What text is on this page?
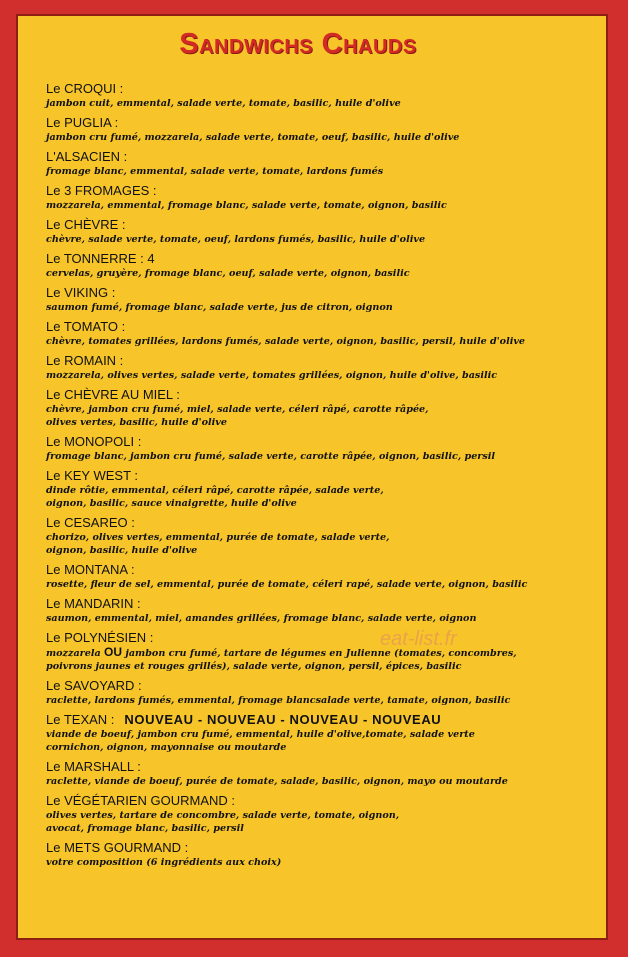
Sandwichs Chauds
Le CROQUI :
jambon cuit, emmental, salade verte, tomate, basilic, huile d'olive
Le PUGLIA :
jambon cru fumé, mozzarela, salade verte, tomate, oeuf, basilic, huile d'olive
L'ALSACIEN :
fromage blanc, emmental, salade verte, tomate, lardons fumés
Le 3 FROMAGES :
mozzarela, emmental, fromage blanc, salade verte, tomate, oignon, basilic
Le CHÈVRE :
chèvre, salade verte, tomate, oeuf, lardons fumés, basilic, huile d'olive
Le TONNERRE : 4
cervelas, gruyère, fromage blanc, oeuf, salade verte, oignon, basilic
Le VIKING :
saumon fumé, fromage blanc, salade verte, jus de citron, oignon
Le TOMATO :
chèvre, tomates grillées, lardons fumés, salade verte, oignon, basilic, persil, huile d'olive
Le ROMAIN :
mozzarela, olives vertes, salade verte, tomates grillées, oignon, huile d'olive, basilic
Le CHÈVRE AU MIEL :
chèvre, jambon cru fumé, miel, salade verte, céleri râpé, carotte râpée,
olives vertes, basilic, huile d'olive
Le MONOPOLI :
fromage blanc, jambon cru fumé, salade verte, carotte râpée, oignon, basilic, persil
Le KEY WEST :
dinde rôtie, emmental, céleri râpé, carotte râpée, salade verte,
oignon, basilic, sauce vinaigrette, huile d'olive
Le CESAREO :
chorizo, olives vertes, emmental, purée de tomate, salade verte,
oignon, basilic, huile d'olive
Le MONTANA :
rosette, fleur de sel, emmental, purée de tomate, céleri rapé, salade verte, oignon, basilic
Le MANDARIN :
saumon, emmental, miel, amandes grillées, fromage blanc, salade verte, oignon
Le POLYNÉSIEN :
mozzarela OU jambon cru fumé, tartare de légumes en Julienne (tomates, concombres,
poivrons jaunes et rouges grillés), salade verte, oignon, persil, épices, basilic
Le SAVOYARD :
raclette, lardons fumés, emmental, fromage blancsalade verte, tamate, oignon, basilic
Le TEXAN : NOUVEAU - NOUVEAU - NOUVEAU - NOUVEAU
viande de boeuf, jambon cru fumé, emmental, huile d'olive,tomate, salade verte
cornichon, oignon, mayonnaise ou moutarde
Le MARSHALL :
raclette, viande de boeuf, purée de tomate, salade, basilic, oignon, mayo ou moutarde
Le VÉGÉTARIEN GOURMAND :
olives vertes, tartare de concombre, salade verte, tomate, oignon,
avocat, fromage blanc, basilic, persil
Le METS GOURMAND :
votre composition (6 ingrédients aux choix)
eat-list.fr
